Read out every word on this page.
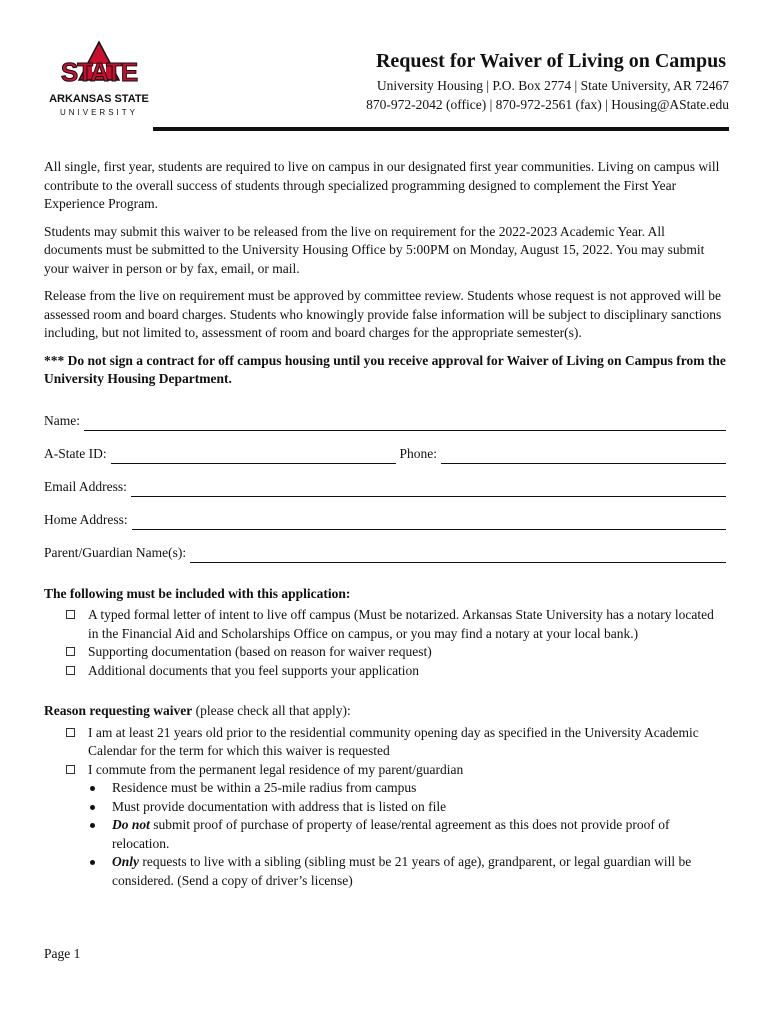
STATE
ARKANSAS STATE
UNIVERSITY
Request for Waiver of Living on Campus
University Housing | P.O. Box 2774 | State University, AR 72467
870-972-2042 (office) | 870-972-2561 (fax) | Housing@AState.edu

All single, first year, students are required to live on campus in our designated first year communities. Living on campus will contribute to the overall success of students through specialized programming designed to complement the First Year Experience Program.

Students may submit this waiver to be released from the live on requirement for the 2022-2023 Academic Year. All documents must be submitted to the University Housing Office by 5:00PM on Monday, August 15, 2022. You may submit your waiver in person or by fax, email, or mail.

Release from the live on requirement must be approved by committee review. Students whose request is not approved will be assessed room and board charges. Students who knowingly provide false information will be subject to disciplinary sanctions including, but not limited to, assessment of room and board charges for the appropriate semester(s).

*** Do not sign a contract for off campus housing until you receive approval for Waiver of Living on Campus from the University Housing Department.

Name:
A-State ID:	Phone:
Email Address:
Home Address:
Parent/Guardian Name(s):
The following must be included with this application:
A typed formal letter of intent to live off campus (Must be notarized. Arkansas State University has a notary located in the Financial Aid and Scholarships Office on campus, or you may find a notary at your local bank.)
Supporting documentation (based on reason for waiver request)
Additional documents that you feel supports your application
Reason requesting waiver (please check all that apply):
I am at least 21 years old prior to the residential community opening day as specified in the University Academic Calendar for the term for which this waiver is requested
I commute from the permanent legal residence of my parent/guardian
Residence must be within a 25-mile radius from campus
Must provide documentation with address that is listed on file
Do not submit proof of purchase of property of lease/rental agreement as this does not provide proof of relocation.
Only requests to live with a sibling (sibling must be 21 years of age), grandparent, or legal guardian will be considered. (Send a copy of driver’s license)
Page 1
